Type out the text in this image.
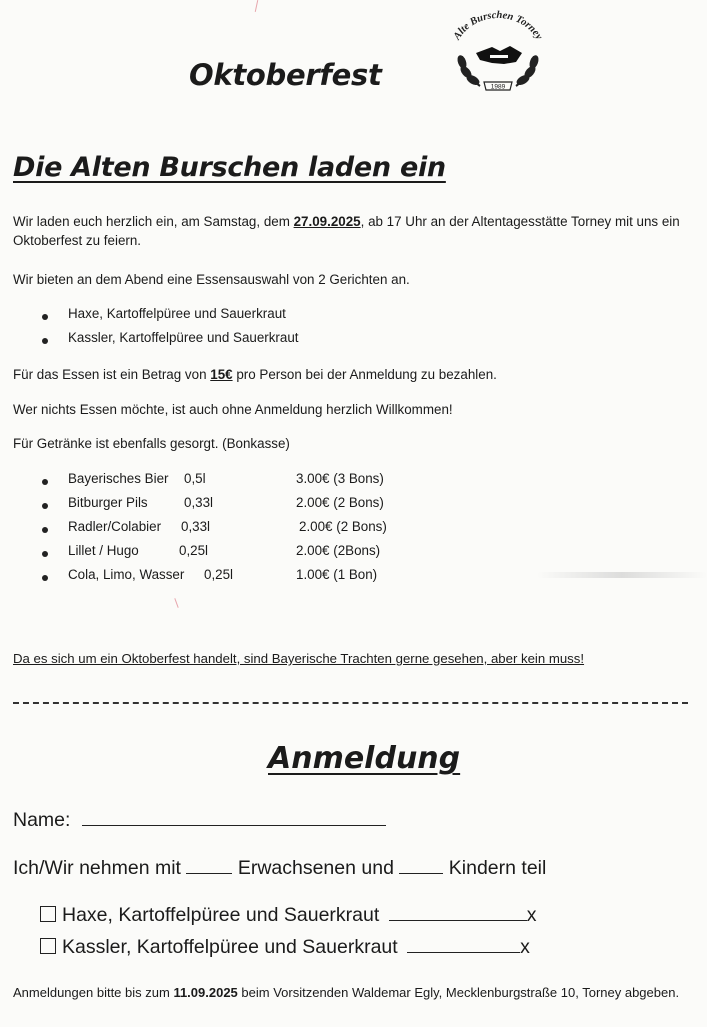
Oktoberfest
Alte Burschen Torney
1989
Die Alten Burschen laden ein
Wir laden euch herzlich ein, am Samstag, dem 27.09.2025, ab 17 Uhr an der Altentagesstätte Torney mit uns ein Oktoberfest zu feiern.
Wir bieten an dem Abend eine Essensauswahl von 2 Gerichten an.
Haxe, Kartoffelpüree und Sauerkraut
Kassler, Kartoffelpüree und Sauerkraut
Für das Essen ist ein Betrag von 15€ pro Person bei der Anmeldung zu bezahlen.
Wer nichts Essen möchte, ist auch ohne Anmeldung herzlich Willkommen!
Für Getränke ist ebenfalls gesorgt. (Bonkasse)
Bayerisches Bier 0,5l	3.00€ (3 Bons)
Bitburger Pils	0,33l	2.00€ (2 Bons)
Radler/Colabier 0,33l	2.00€ (2 Bons)
Lillet / Hugo	0,25l	2.00€ (2Bons)
Cola, Limo, Wasser 0,25l	1.00€ (1 Bon)
Da es sich um ein Oktoberfest handelt, sind Bayerische Trachten gerne gesehen, aber kein muss!
Anmeldung
Name:
Ich/Wir nehmen mit	Erwachsenen und	Kindern teil
Haxe, Kartoffelpüree und Sauerkraut	x
Kassler, Kartoffelpüree und Sauerkraut	x
Anmeldungen bitte bis zum 11.09.2025 beim Vorsitzenden Waldemar Egly, Mecklenburgstraße 10, Torney abgeben.
